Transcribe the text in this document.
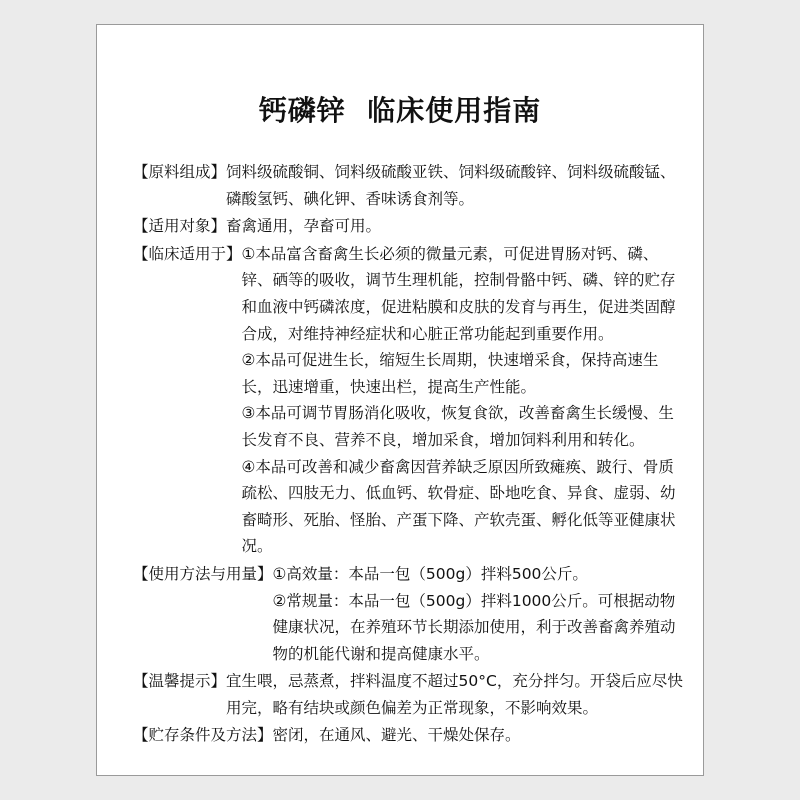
钙磷锌  临床使用指南
【原料组成】 饲料级硫酸铜、饲料级硫酸亚铁、饲料级硫酸锌、饲料级硫酸锰、磷酸氢钙、碘化钾、香味诱食剂等。

【适用对象】 畜禽通用，孕畜可用。

【临床适用于】 ①本品富含畜禽生长必须的微量元素，可促进胃肠对钙、磷、锌、硒等的吸收，调节生理机能，控制骨骼中钙、磷、锌的贮存和血液中钙磷浓度，促进粘膜和皮肤的发育与再生，促进类固醇合成，对维持神经症状和心脏正常功能起到重要作用。

②本品可促进生长，缩短生长周期，快速增采食，保持高速生长，迅速增重，快速出栏，提高生产性能。

③本品可调节胃肠消化吸收，恢复食欲，改善畜禽生长缓慢、生长发育不良、营养不良，增加采食，增加饲料利用和转化。

④本品可改善和减少畜禽因营养缺乏原因所致瘫痪、跛行、骨质疏松、四肢无力、低血钙、软骨症、卧地吃食、异食、虚弱、幼畜畸形、死胎、怪胎、产蛋下降、产软壳蛋、孵化低等亚健康状况。

【使用方法与用量】 ①高效量：本品一包（500g）拌料500公斤。

②常规量：本品一包（500g）拌料1000公斤。可根据动物健康状况，在养殖环节长期添加使用，利于改善畜禽养殖动物的机能代谢和提高健康水平。

【温馨提示】 宜生喂，忌蒸煮，拌料温度不超过50°C，充分拌匀。开袋后应尽快用完，略有结块或颜色偏差为正常现象，不影响效果。

【贮存条件及方法】 密闭，在通风、避光、干燥处保存。
